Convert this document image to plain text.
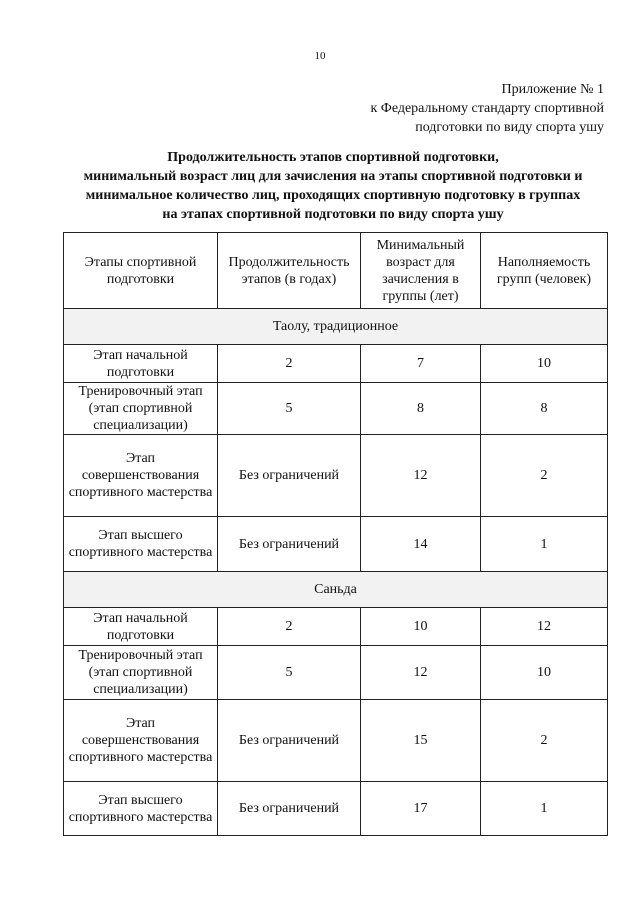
10
Приложение № 1
к Федеральному стандарту спортивной
подготовки по виду спорта ушу
Продолжительность этапов спортивной подготовки,
минимальный возраст лиц для зачисления на этапы спортивной подготовки и
минимальное количество лиц, проходящих спортивную подготовку в группах
на этапах спортивной подготовки по виду спорта ушу
Этапы спортивной подготовки	Продолжительность этапов (в годах)	Минимальный возраст для зачисления в группы (лет)	Наполняемость групп (человек)
Таолу, традиционное			
Этап начальной подготовки	2	7	10
Тренировочный этап (этап спортивной специализации)	5	8	8
Этап совершенствования спортивного мастерства	Без ограничений	12	2
Этап высшего спортивного мастерства	Без ограничений	14	1
Саньда			
Этап начальной подготовки	2	10	12
Тренировочный этап (этап спортивной специализации)	5	12	10
Этап совершенствования спортивного мастерства	Без ограничений	15	2
Этап высшего спортивного мастерства	Без ограничений	17	1
